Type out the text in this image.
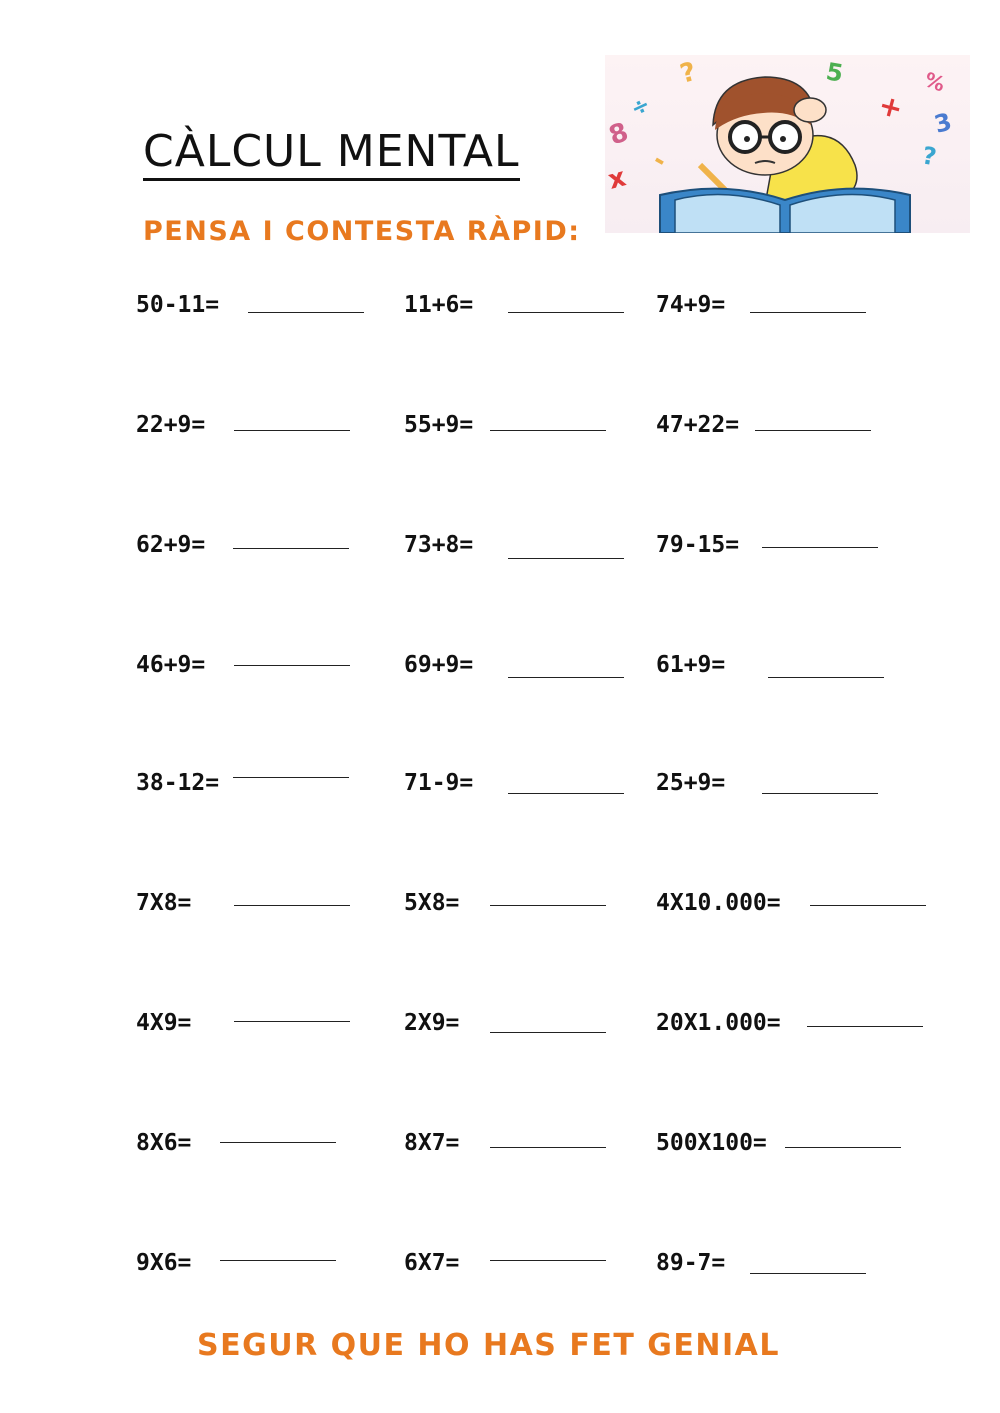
CÀLCUL MENTAL
PENSA I CONTESTA RÀPID:
?	5	%
+ 3
÷
8
-	?
x
50-11=	11+6=	74+9=
22+9=	55+9=	47+22=
62+9=	73+8=	79-15=
46+9=	69+9=	61+9=
38-12=	71-9=	25+9=
7X8=	5X8=	4X10.000=
4X9=	2X9=	20X1.000=
8X6=	8X7=	500X100=
9X6=	6X7=	89-7=
SEGUR QUE HO HAS FET GENIAL
